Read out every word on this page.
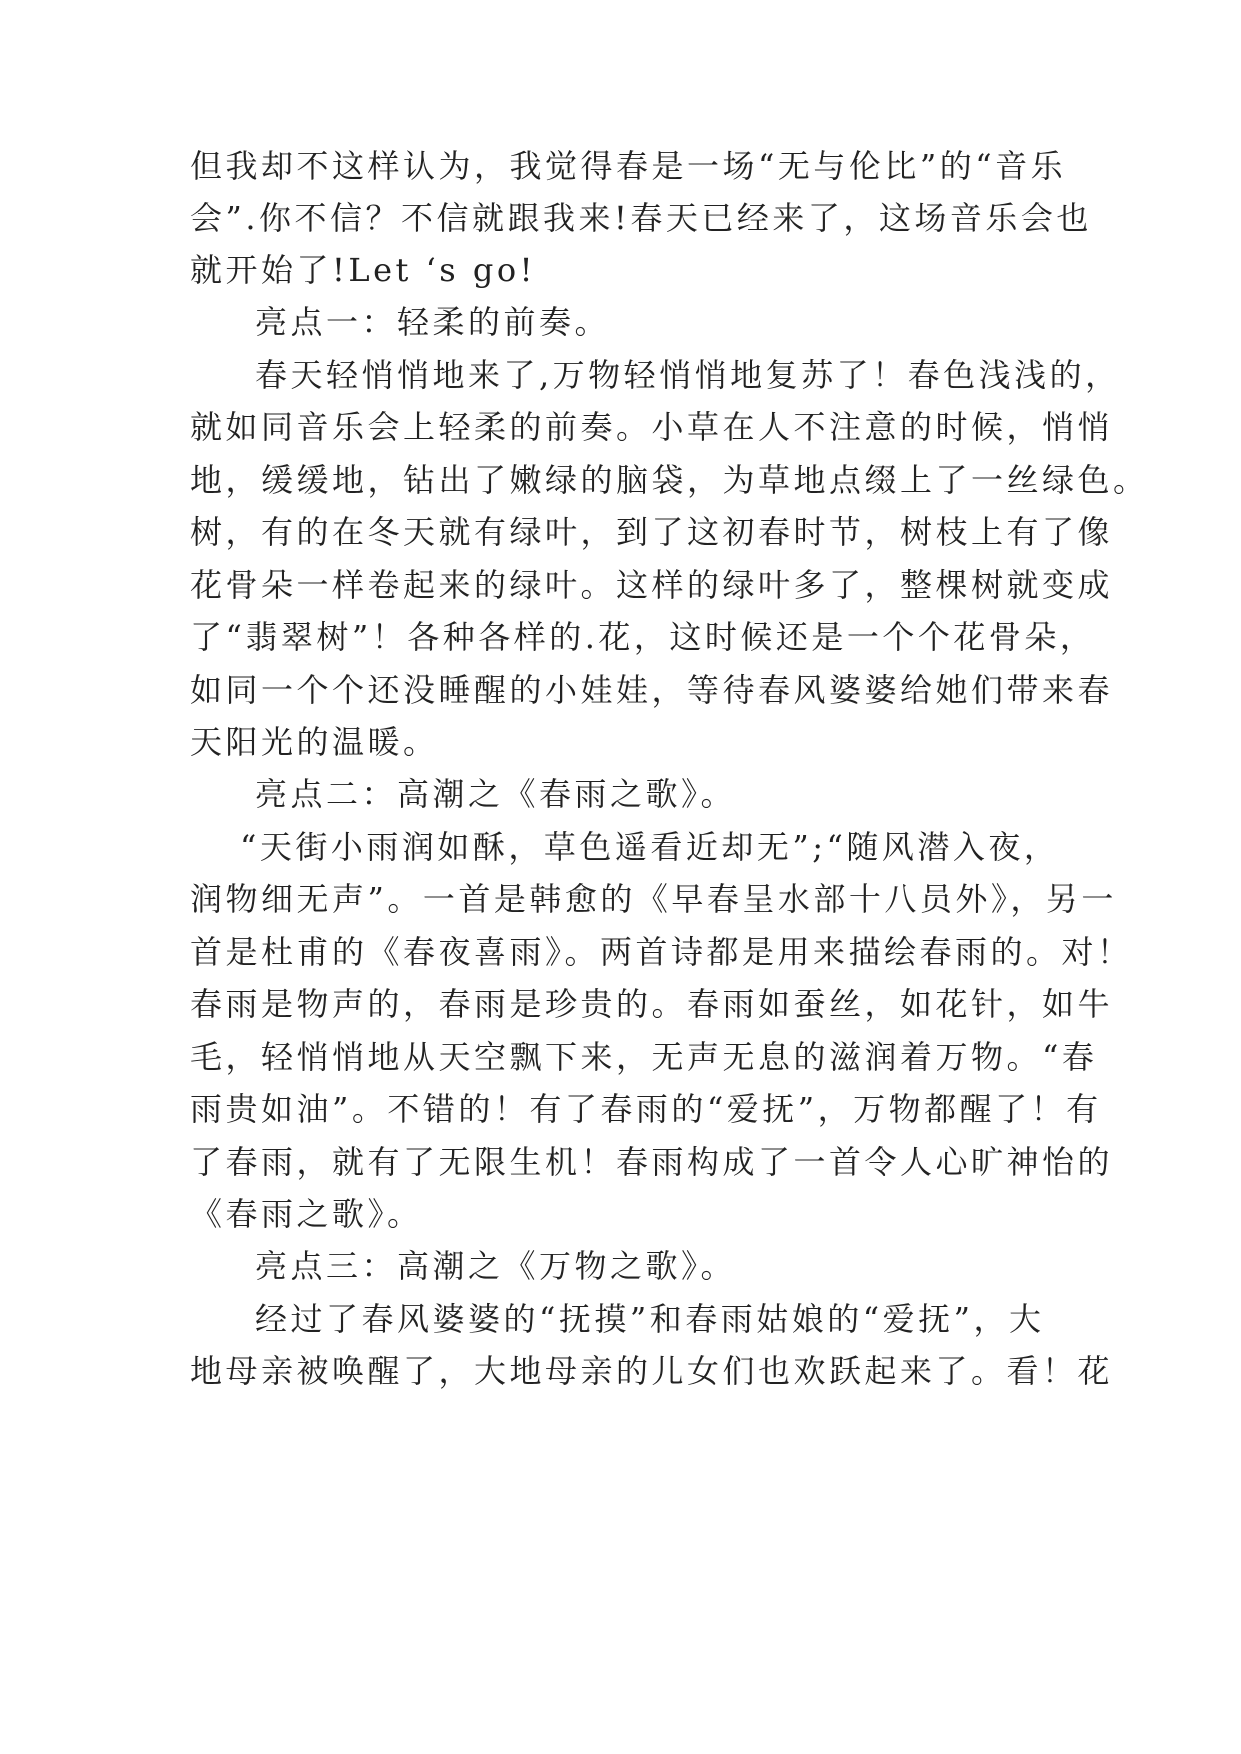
但我却不这样认为，我觉得春是一场“无与伦比”的“音乐
会”.你不信？不信就跟我来!春天已经来了，这场音乐会也
就开始了!Let ‘s go!
亮点一：轻柔的前奏。
春天轻悄悄地来了,万物轻悄悄地复苏了！春色浅浅的，
就如同音乐会上轻柔的前奏。小草在人不注意的时候，悄悄
地，缓缓地，钻出了嫩绿的脑袋，为草地点缀上了一丝绿色。
树，有的在冬天就有绿叶，到了这初春时节，树枝上有了像
花骨朵一样卷起来的绿叶。这样的绿叶多了，整棵树就变成
了“翡翠树”！各种各样的.花，这时候还是一个个花骨朵，
如同一个个还没睡醒的小娃娃，等待春风婆婆给她们带来春
天阳光的温暖。
亮点二：高潮之《春雨之歌》。
“天街小雨润如酥，草色遥看近却无”;“随风潜入夜，
润物细无声”。一首是韩愈的《早春呈水部十八员外》，另一
首是杜甫的《春夜喜雨》。两首诗都是用来描绘春雨的。对！
春雨是物声的，春雨是珍贵的。春雨如蚕丝，如花针，如牛
毛，轻悄悄地从天空飘下来，无声无息的滋润着万物。“春
雨贵如油”。不错的！有了春雨的“爱抚”，万物都醒了！有
了春雨，就有了无限生机！春雨构成了一首令人心旷神怡的
《春雨之歌》。
亮点三：高潮之《万物之歌》。
经过了春风婆婆的“抚摸”和春雨姑娘的“爱抚”，大
地母亲被唤醒了，大地母亲的儿女们也欢跃起来了。看！花
